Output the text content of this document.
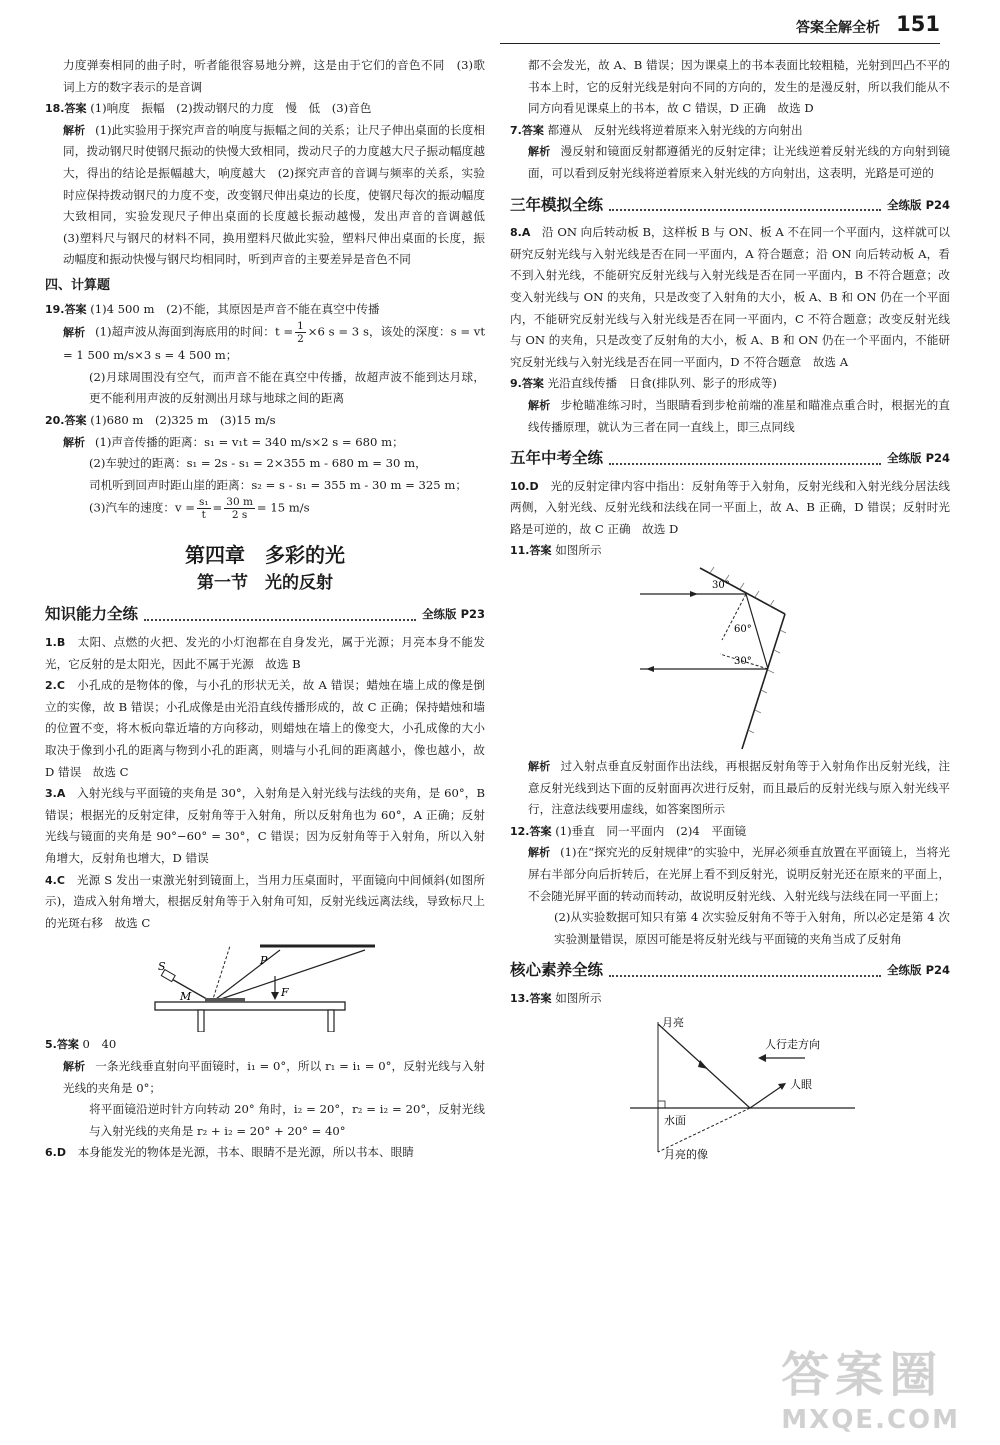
答案全解全析 151

力度弹奏相同的曲子时，听者能很容易地分辨，这是由于它们的音色不同　(3)歌词上方的数字表示的是音调

18.答案 (1)响度　振幅　(2)拨动钢尺的力度　慢　低　(3)音色

解析 (1)此实验用于探究声音的响度与振幅之间的关系；让尺子伸出桌面的长度相同，拨动钢尺时使钢尺振动的快慢大致相同，拨动尺子的力度越大尺子振动幅度越大，得出的结论是振幅越大，响度越大　(2)探究声音的音调与频率的关系，实验时应保持拨动钢尺的力度不变，改变钢尺伸出桌边的长度，使钢尺每次的振动幅度大致相同，实验发现尺子伸出桌面的长度越长振动越慢，发出声音的音调越低　(3)塑料尺与钢尺的材料不同，换用塑料尺做此实验，塑料尺伸出桌面的长度，振动幅度和振动快慢与钢尺均相同时，听到声音的主要差异是音色不同

四、计算题

19.答案 (1)4 500 m　(2)不能，其原因是声音不能在真空中传播

解析 (1)超声波从海面到海底用的时间：$t = \frac{1}{2} \times 6$ s = 3 s，该处的深度：s = vt = 1 500 m/s×3 s = 4 500 m；

(2)月球周围没有空气，而声音不能在真空中传播，故超声波不能到达月球，更不能利用声波的反射测出月球与地球之间的距离

20.答案 (1)680 m　(2)325 m　(3)15 m/s

解析 (1)声音传播的距离：s₁ = v₁t = 340 m/s×2 s = 680 m；

(2)车驶过的距离：s₁ = 2s - s₁ = 2×355 m - 680 m = 30 m，

司机听到回声时距山崖的距离：s₂ = s - s₁ = 355 m - 30 m = 325 m；

(3)汽车的速度：$v = \frac{\text{s₁}}{t} = \frac{30 m}{2 s} = 15$ m/s

第四章　多彩的光
第一节　光的反射
知识能力全练	全练版 P23

1.B　 太阳、点燃的火把、发光的小灯泡都在自身发光，属于光源；月亮本身不能发光，它反射的是太阳光，因此不属于光源　故选 B

2.C　 小孔成的是物体的像，与小孔的形状无关，故 A 错误；蜡烛在墙上成的像是倒立的实像，故 B 错误；小孔成像是由光沿直线传播形成的，故 C 正确；保持蜡烛和墙的位置不变，将木板向靠近墙的方向移动，则蜡烛在墙上的像变大，小孔成像的大小取决于像到小孔的距离与物到小孔的距离，则墙与小孔间的距离越小，像也越小，故 D 错误　故选 C

3.A　 入射光线与平面镜的夹角是 30°，入射角是入射光线与法线的夹角，是 60°，B 错误；根据光的反射定律，反射角等于入射角，所以反射角也为 60°，A 正确；反射光线与镜面的夹角是 90°−60° = 30°，C 错误；因为反射角等于入射角，所以入射角增大，反射角也增大，D 错误

4.C　 光源 S 发出一束激光射到镜面上，当用力压桌面时，平面镜向中间倾斜(如图所示)，造成入射角增大，根据反射角等于入射角可知，反射光线远离法线，导致标尺上的光斑右移　故选 C

S	P
M	F

5.答案 0　40

解析 一条光线垂直射向平面镜时，i₁ = 0°，所以 r₁ = i₁ = 0°，反射光线与入射光线的夹角是 0°；

将平面镜沿逆时针方向转动 20° 角时，i₂ = 20°，r₂ = i₂ = 20°，反射光线与入射光线的夹角是 r₂ + i₂ = 20° + 20° = 40°

6.D　 本身能发光的物体是光源，书本、眼睛不是光源，所以书本、眼睛

都不会发光，故 A、B 错误；因为课桌上的书本表面比较粗糙，光射到凹凸不平的书本上时，它的反射光线是射向不同的方向的，发生的是漫反射，所以我们能从不同方向看见课桌上的书本，故 C 错误，D 正确　故选 D

7.答案 都遵从　反射光线将逆着原来入射光线的方向射出

解析 漫反射和镜面反射都遵循光的反射定律；让光线逆着反射光线的方向射到镜面，可以看到反射光线将逆着原来入射光线的方向射出，这表明，光路是可逆的

三年模拟全练	全练版 P24

8.A　 沿 ON 向后转动板 B，这样板 B 与 ON、板 A 不在同一个平面内，这样就可以研究反射光线与入射光线是否在同一平面内，A 符合题意；沿 ON 向后转动板 A，看不到入射光线，不能研究反射光线与入射光线是否在同一平面内，B 不符合题意；改变入射光线与 ON 的夹角，只是改变了入射角的大小，板 A、B 和 ON 仍在一个平面内，不能研究反射光线与入射光线是否在同一平面内，C 不符合题意；改变反射光线与 ON 的夹角，只是改变了反射角的大小，板 A、B 和 ON 仍在一个平面内，不能研究反射光线与入射光线是否在同一平面内，D 不符合题意　故选 A

9.答案 光沿直线传播　日食(排队列、影子的形成等)

解析 步枪瞄准练习时，当眼睛看到步枪前端的准星和瞄准点重合时，根据光的直线传播原理，就认为三者在同一直线上，即三点同线

五年中考全练	全练版 P24

10.D　 光的反射定律内容中指出：反射角等于入射角，反射光线和入射光线分居法线两侧，入射光线、反射光线和法线在同一平面上，故 A、B 正确，D 错误；反射时光路是可逆的，故 C 正确　故选 D

11.答案 如图所示

30°
60°
30°

解析 过入射点垂直反射面作出法线，再根据反射角等于入射角作出反射光线，注意反射光线到达下面的反射面再次进行反射，而且最后的反射光线与原入射光线平行，注意法线要用虚线，如答案图所示

12.答案 (1)垂直　同一平面内　(2)4　平面镜

解析 (1)在“探究光的反射规律”的实验中，光屏必须垂直放置在平面镜上，当将光屏右半部分向后折转后，在光屏上看不到反射光，说明反射光还在原来的平面上，不会随光屏平面的转动而转动，故说明反射光线、入射光线与法线在同一平面上；

(2)从实验数据可知只有第 4 次实验反射角不等于入射角，所以必定是第 4 次实验测量错误，原因可能是将反射光线与平面镜的夹角当成了反射角

核心素养全练	全练版 P24

13.答案 如图所示

月亮
人行走方向
人眼
水面
月亮的像
答案圈
MXQE.COM
